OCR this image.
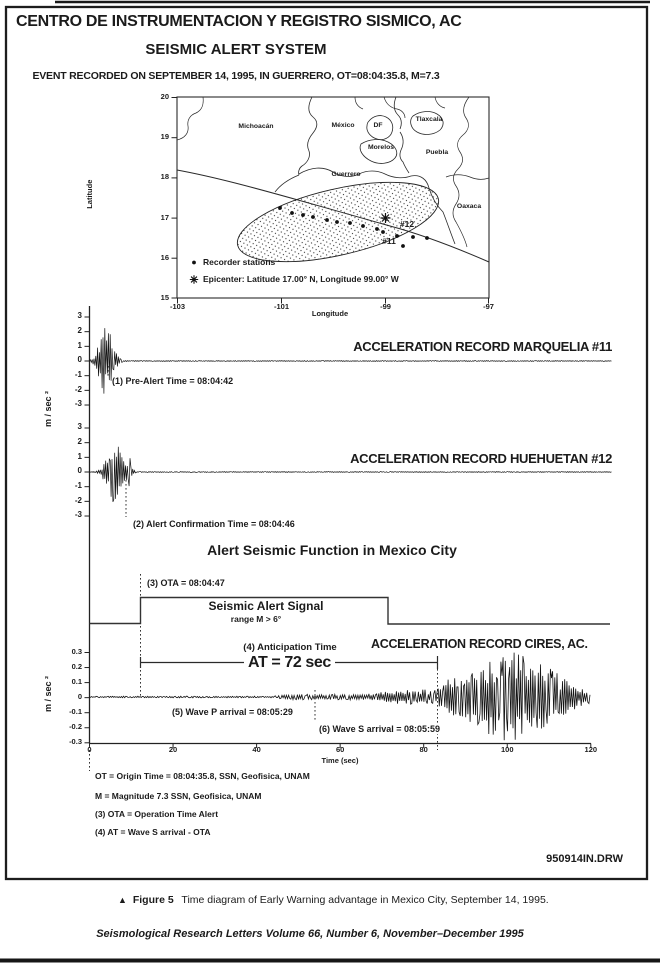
CENTRO DE INSTRUMENTACION Y REGISTRO SISMICO, AC
SEISMIC ALERT SYSTEM
EVENT RECORDED ON SEPTEMBER 14, 1995, IN GUERRERO, OT=08:04:35.8, M=7.3
Latitude
Longitude
Recorder stations
Epicenter: Latitude 17.00° N, Longitude 99.00° W
ACCELERATION RECORD MARQUELIA #11
(1) Pre-Alert Time = 08:04:42
m / sec ²
ACCELERATION RECORD HUEHUETAN #12
(2) Alert Confirmation Time = 08:04:46
Alert Seismic Function in Mexico City
(3) OTA = 08:04:47
Seismic Alert Signal
range M > 6°
(4) Anticipation Time
AT = 72 sec
ACCELERATION RECORD CIRES, AC.
(5) Wave P arrival = 08:05:29
(6) Wave S arrival = 08:05:59
Time (sec)
m / sec ²
OT = Origin Time = 08:04:35.8, SSN, Geofisica, UNAM
M = Magnitude 7.3 SSN, Geofisica, UNAM
(3) OTA = Operation Time Alert
(4) AT = Wave S arrival - OTA
950914IN.DRW
▲ Figure 5 Time diagram of Early Warning advantage in Mexico City, September 14, 1995.
Seismological Research Letters Volume 66, Number 6, November–December 1995
20
19
18
17
16
15
-103	-101	-99	-97
Michoacán	México	DF
Tlaxcala
Morelos
Puebla
Guerrero
Oaxaca
#12
#11
3
2
1
0
-1
-2
-3
3
2
1
0
-1
-2
-3
0.3
0.2
0.1
0
-0.1
-0.2
-0.3
0	20	40	60	80	100	120
